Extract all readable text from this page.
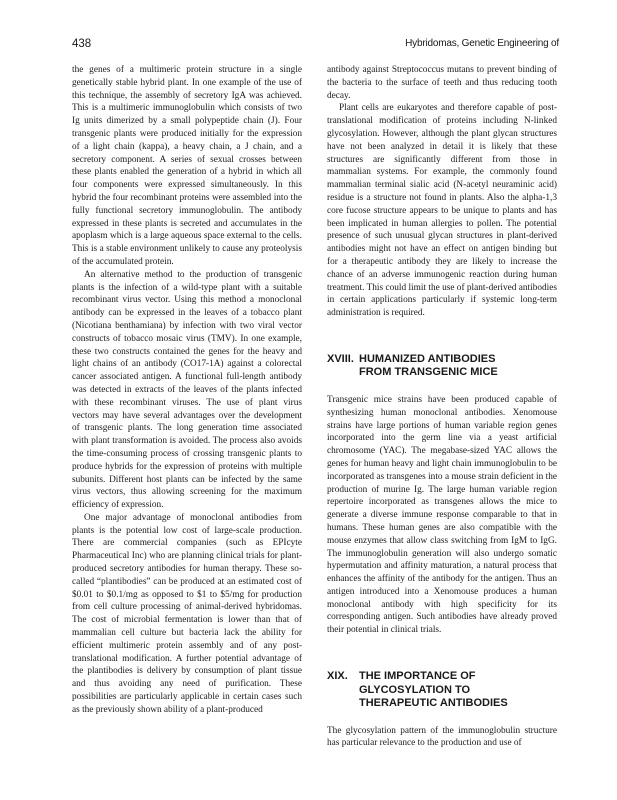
438	Hybridomas, Genetic Engineering of

the genes of a multimeric protein structure in a single genetically stable hybrid plant. In one example of the use of this technique, the assembly of secretory IgA was achieved. This is a multimeric immunoglobulin which consists of two Ig units dimerized by a small polypeptide chain (J). Four transgenic plants were produced initially for the expression of a light chain (kappa), a heavy chain, a J chain, and a secretory component. A series of sexual crosses between these plants enabled the generation of a hybrid in which all four components were expressed simultaneously. In this hybrid the four recombinant proteins were assembled into the fully functional secretory immunoglobulin. The antibody expressed in these plants is secreted and accumulates in the apoplasm which is a large aqueous space external to the cells. This is a stable environment unlikely to cause any proteolysis of the accumulated protein.

An alternative method to the production of transgenic plants is the infection of a wild-type plant with a suitable recombinant virus vector. Using this method a monoclonal antibody can be expressed in the leaves of a tobacco plant (Nicotiana benthamiana) by infection with two viral vector constructs of tobacco mosaic virus (TMV). In one example, these two constructs contained the genes for the heavy and light chains of an antibody (CO17-1A) against a colorectal cancer associated antigen. A functional full-length antibody was detected in extracts of the leaves of the plants infected with these recombinant viruses. The use of plant virus vectors may have several advantages over the development of transgenic plants. The long generation time associated with plant transformation is avoided. The process also avoids the time-consuming process of crossing transgenic plants to produce hybrids for the expression of proteins with multiple subunits. Different host plants can be infected by the same virus vectors, thus allowing screening for the maximum efficiency of expression.

One major advantage of monoclonal antibodies from plants is the potential low cost of large-scale production. There are commercial companies (such as EPIcyte Pharmaceutical Inc) who are planning clinical trials for plant-produced secretory antibodies for human therapy. These so-called “plantibodies” can be produced at an estimated cost of $0.01 to $0.1/mg as opposed to $1 to $5/mg for production from cell culture processing of animal-derived hybridomas. The cost of microbial fermentation is lower than that of mammalian cell culture but bacteria lack the ability for efficient multimeric protein assembly and of any post-translational modification. A further potential advantage of the plantibodies is delivery by consumption of plant tissue and thus avoiding any need of purification. These possibilities are particularly applicable in certain cases such as the previously shown ability of a plant-produced

antibody against Streptococcus mutans to prevent binding of the bacteria to the surface of teeth and thus reducing tooth decay.

Plant cells are eukaryotes and therefore capable of post-translational modification of proteins including N-linked glycosylation. However, although the plant glycan structures have not been analyzed in detail it is likely that these structures are significantly different from those in mammalian systems. For example, the commonly found mammalian terminal sialic acid (N-acetyl neuraminic acid) residue is a structure not found in plants. Also the alpha-1,3 core fucose structure appears to be unique to plants and has been implicated in human allergies to pollen. The potential presence of such unusual glycan structures in plant-derived antibodies might not have an effect on antigen binding but for a therapeutic antibody they are likely to increase the chance of an adverse immunogenic reaction during human treatment. This could limit the use of plant-derived antibodies in certain applications particularly if systemic long-term administration is required.

XVIII. HUMANIZED ANTIBODIES
FROM TRANSGENIC MICE

Transgenic mice strains have been produced capable of synthesizing human monoclonal antibodies. Xenomouse strains have large portions of human variable region genes incorporated into the germ line via a yeast artificial chromosome (YAC). The megabase-sized YAC allows the genes for human heavy and light chain immunoglobulin to be incorporated as transgenes into a mouse strain deficient in the production of murine Ig. The large human variable region repertoire incorporated as transgenes allows the mice to generate a diverse immune response comparable to that in humans. These human genes are also compatible with the mouse enzymes that allow class switching from IgM to IgG. The immunoglobulin generation will also undergo somatic hypermutation and affinity maturation, a natural process that enhances the affinity of the antibody for the antigen. Thus an antigen introduced into a Xenomouse produces a human monoclonal antibody with high specificity for its corresponding antigen. Such antibodies have already proved their potential in clinical trials.

XIX.	THE IMPORTANCE OF
GLYCOSYLATION TO
THERAPEUTIC ANTIBODIES

The glycosylation pattern of the immunoglobulin structure has particular relevance to the production and use of
